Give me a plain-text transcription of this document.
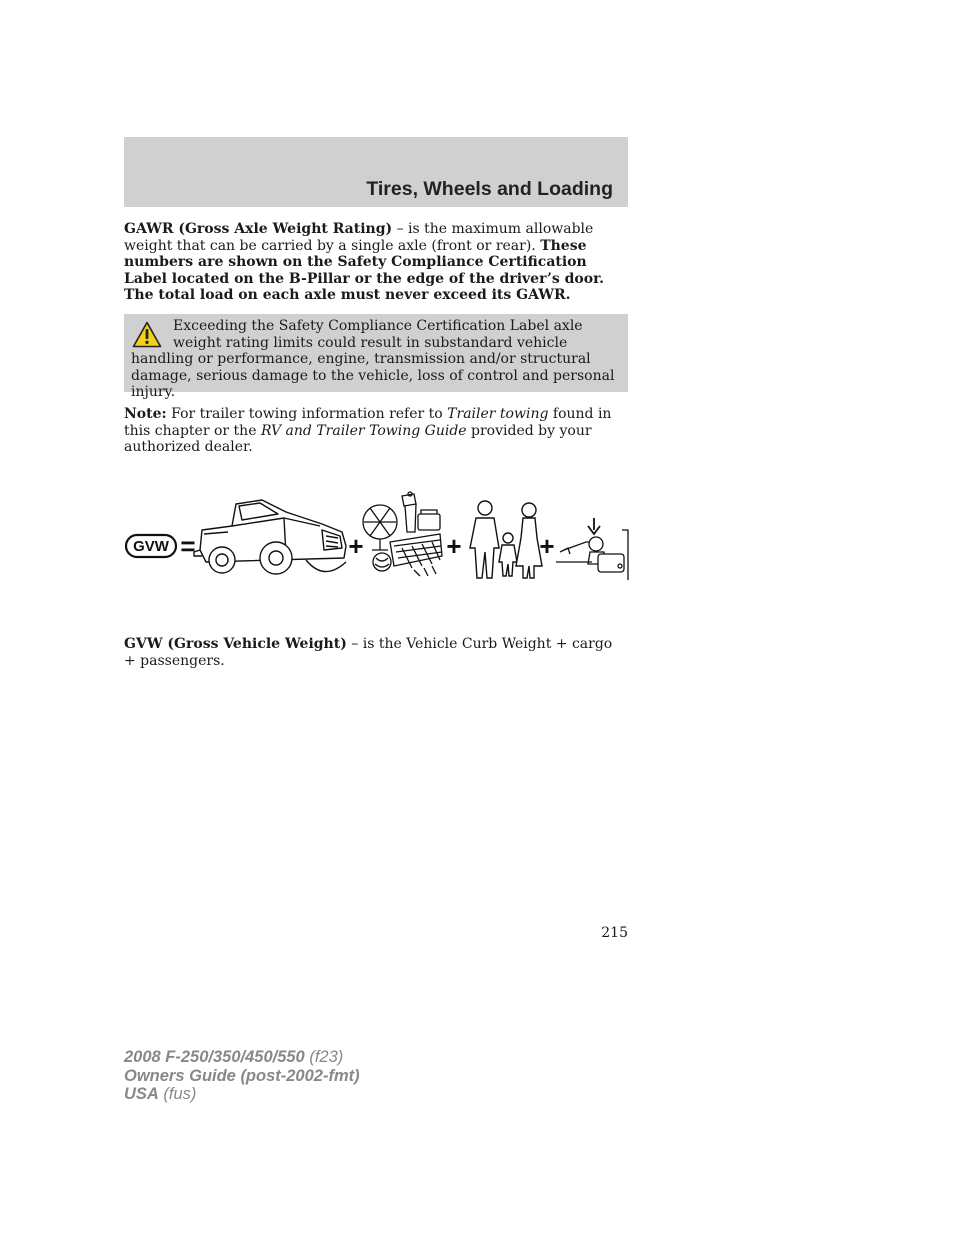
Tires, Wheels and Loading
GAWR (Gross Axle Weight Rating) – is the maximum allowable weight that can be carried by a single axle (front or rear). These numbers are shown on the Safety Compliance Certification Label located on the B-Pillar or the edge of the driver’s door. The total load on each axle must never exceed its GAWR.
Exceeding the Safety Compliance Certification Label axle weight rating limits could result in substandard vehicle handling or performance, engine, transmission and/or structural damage, serious damage to the vehicle, loss of control and personal injury.
Note: For trailer towing information refer to Trailer towing found in this chapter or the RV and Trailer Towing Guide provided by your authorized dealer.
GVW =	+	+	+
GVW (Gross Vehicle Weight) – is the Vehicle Curb Weight + cargo + passengers.
215
2008 F-250/350/450/550 (f23)
Owners Guide (post-2002-fmt)
USA (fus)
